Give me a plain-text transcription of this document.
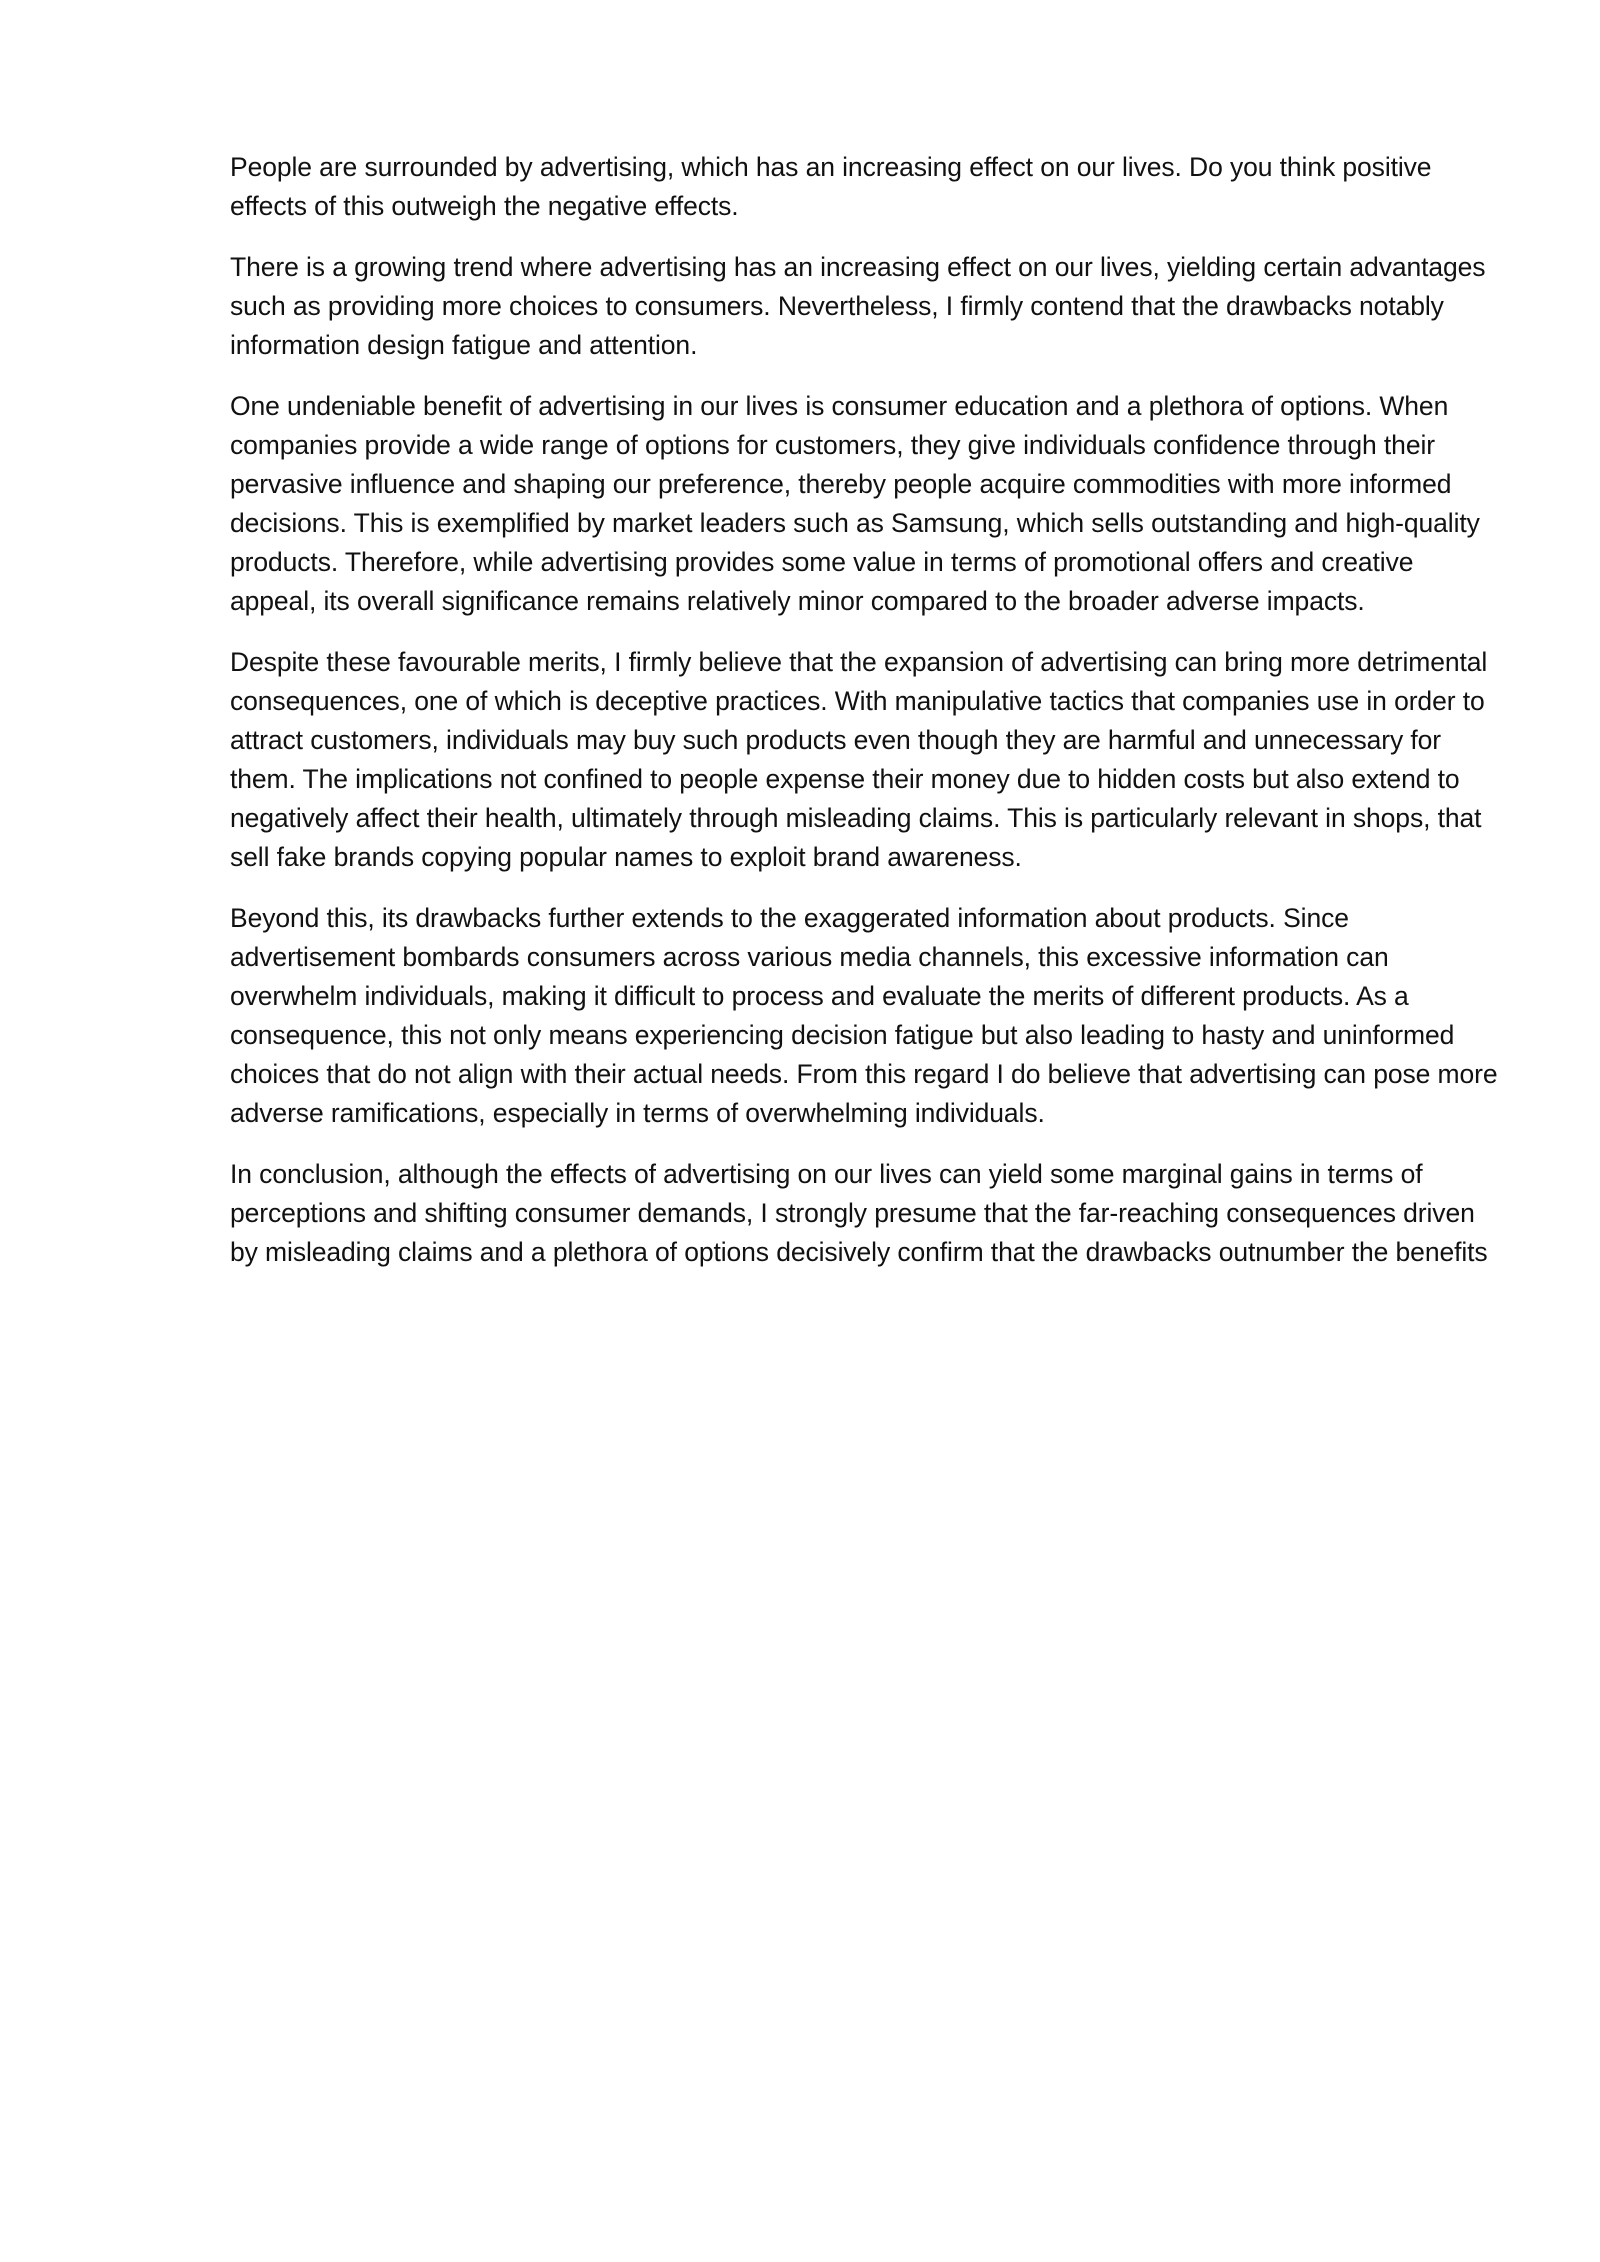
People are surrounded by advertising, which has an increasing effect on our lives. Do you think positive effects of this outweigh the negative effects.

There is a growing trend where advertising has an increasing effect on our lives, yielding certain advantages such as providing more choices to consumers. Nevertheless, I firmly contend that the drawbacks notably information design fatigue and attention.

One undeniable benefit of advertising in our lives is consumer education and a plethora of options. When companies provide a wide range of options for customers, they give individuals confidence through their pervasive influence and shaping our preference, thereby people acquire commodities with more informed decisions. This is exemplified by market leaders such as Samsung, which sells outstanding and high-quality products. Therefore, while advertising provides some value in terms of promotional offers and creative appeal, its overall significance remains relatively minor compared to the broader adverse impacts.

Despite these favourable merits, I firmly believe that the expansion of advertising can bring more detrimental consequences, one of which is deceptive practices. With manipulative tactics that companies use in order to attract customers, individuals may buy such products even though they are harmful and unnecessary for them. The implications not confined to people expense their money due to hidden costs but also extend to negatively affect their health, ultimately through misleading claims. This is particularly relevant in shops, that sell fake brands copying popular names to exploit brand awareness.

Beyond this, its drawbacks further extends to the exaggerated information about products. Since advertisement bombards consumers across various media channels, this excessive information can overwhelm individuals, making it difficult to process and evaluate the merits of different products. As a consequence, this not only means experiencing decision fatigue but also leading to hasty and uninformed choices that do not align with their actual needs. From this regard I do believe that advertising can pose more adverse ramifications, especially in terms of overwhelming individuals.

In conclusion, although the effects of advertising on our lives can yield some marginal gains in terms of perceptions and shifting consumer demands, I strongly presume that the far-reaching consequences driven by misleading claims and a plethora of options decisively confirm that the drawbacks outnumber the benefits
